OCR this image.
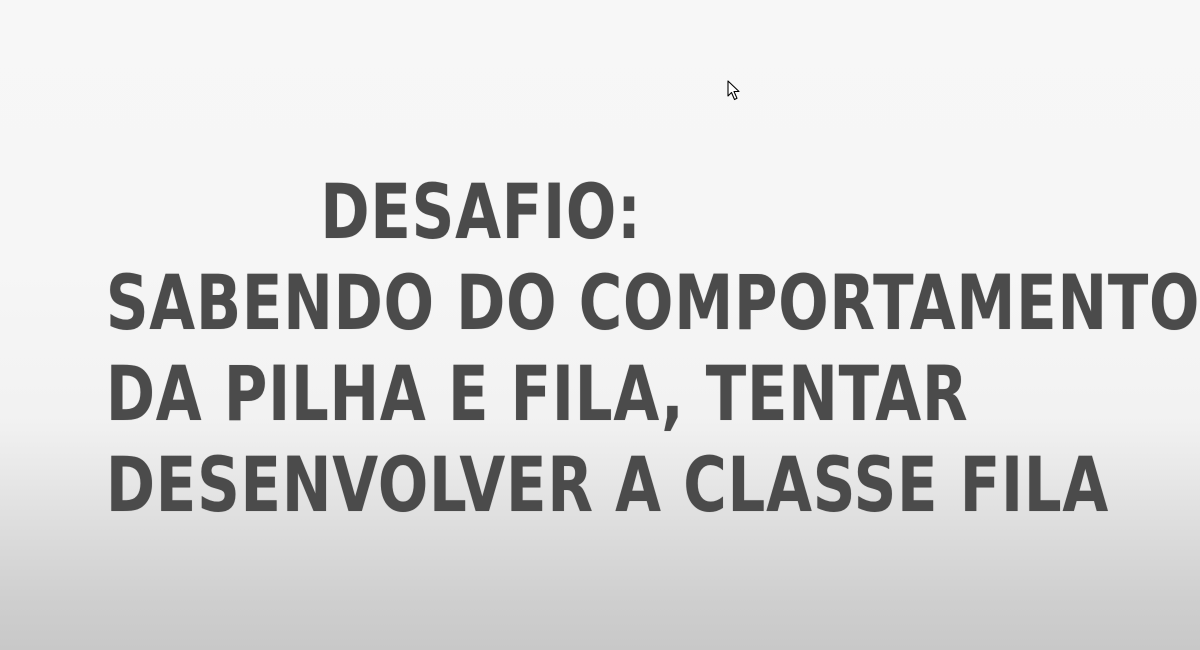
DESAFIO:
SABENDO DO COMPORTAMENTO
DA PILHA E FILA, TENTAR
DESENVOLVER A CLASSE FILA
